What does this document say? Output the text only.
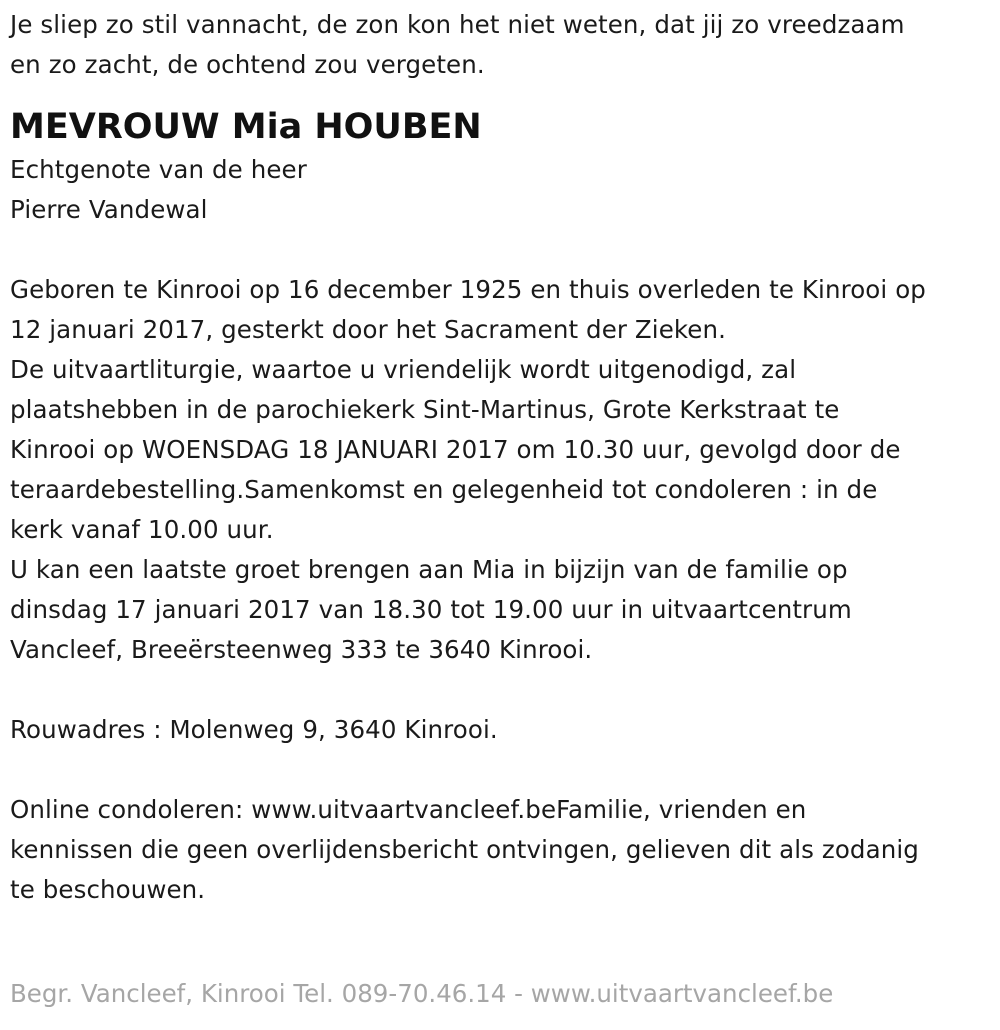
Je sliep zo stil vannacht, de zon kon het niet weten, dat jij zo vreedzaam
en zo zacht, de ochtend zou vergeten.
MEVROUW Mia HOUBEN
Echtgenote van de heer
Pierre Vandewal
Geboren te Kinrooi op 16 december 1925 en thuis overleden te Kinrooi op
12 januari 2017, gesterkt door het Sacrament der Zieken.
De uitvaartliturgie, waartoe u vriendelijk wordt uitgenodigd, zal
plaatshebben in de parochiekerk Sint-Martinus, Grote Kerkstraat te
Kinrooi op WOENSDAG 18 JANUARI 2017 om 10.30 uur, gevolgd door de
teraardebestelling.Samenkomst en gelegenheid tot condoleren : in de
kerk vanaf 10.00 uur.
U kan een laatste groet brengen aan Mia in bijzijn van de familie op
dinsdag 17 januari 2017 van 18.30 tot 19.00 uur in uitvaartcentrum
Vancleef, Breeërsteenweg 333 te 3640 Kinrooi.
Rouwadres : Molenweg 9, 3640 Kinrooi.
Online condoleren: www.uitvaartvancleef.beFamilie, vrienden en
kennissen die geen overlijdensbericht ontvingen, gelieven dit als zodanig
te beschouwen.
Begr. Vancleef, Kinrooi Tel. 089-70.46.14 - www.uitvaartvancleef.be
